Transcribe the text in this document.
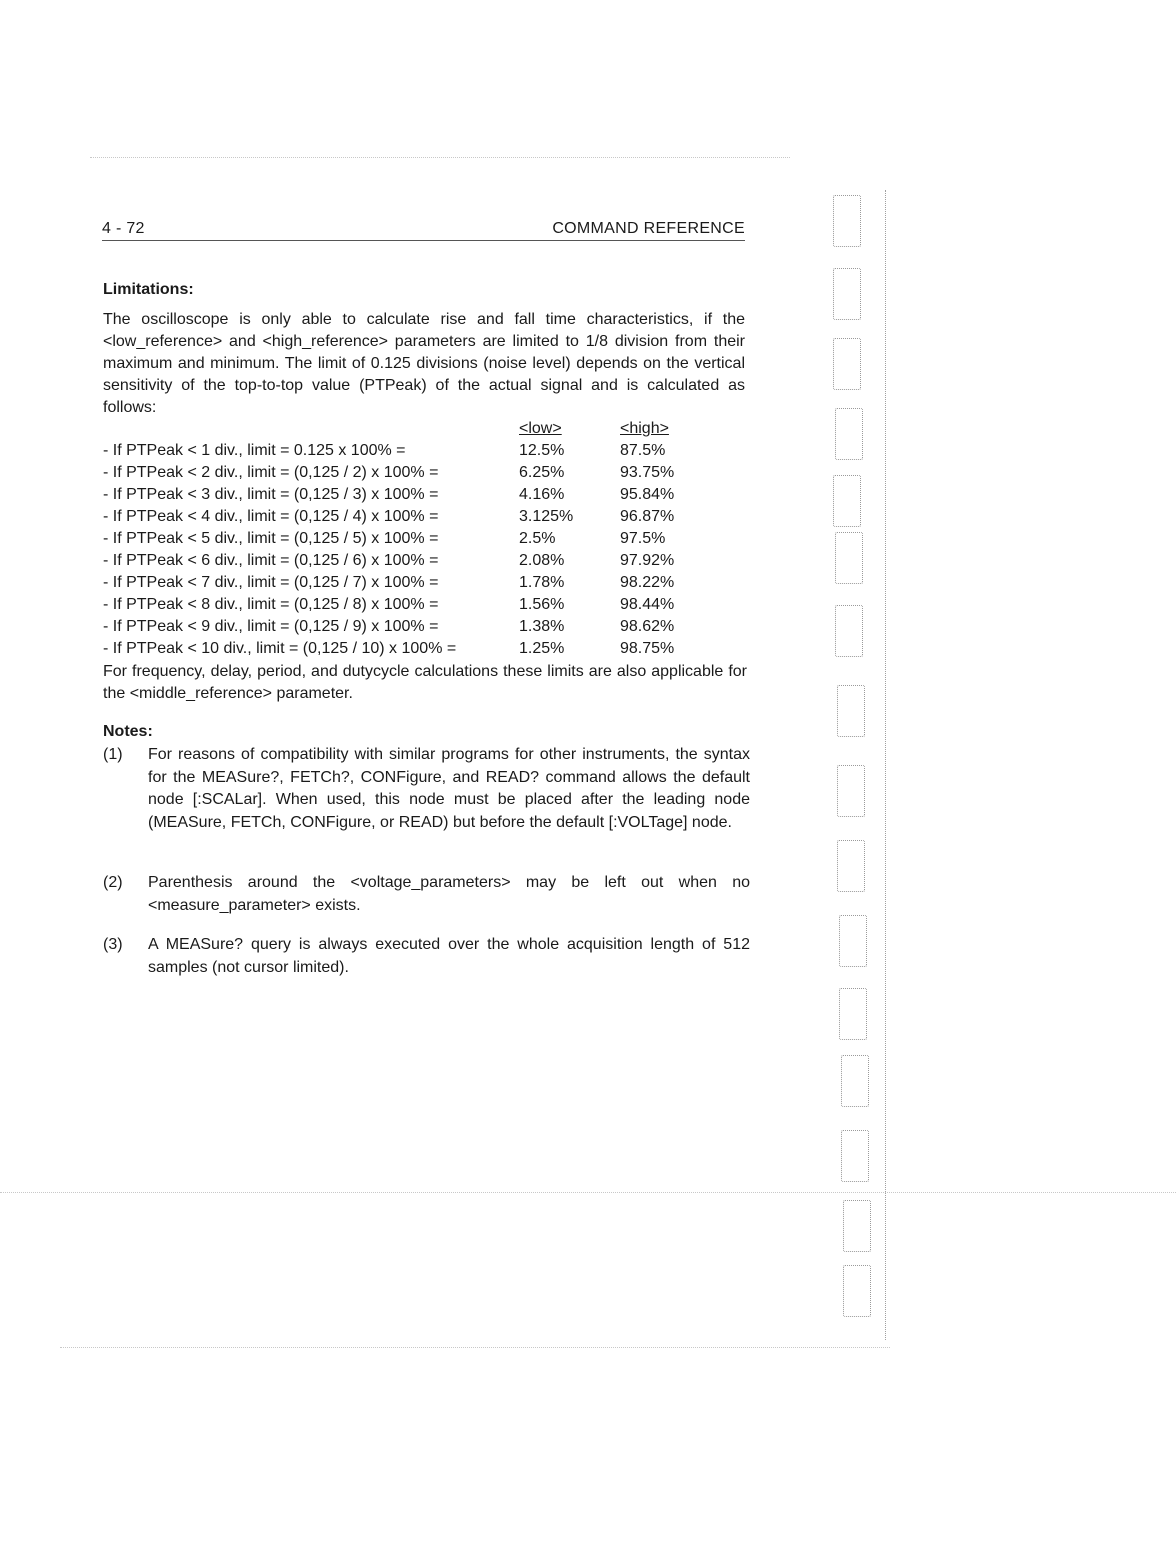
4 - 72	COMMAND REFERENCE
Limitations:
The oscilloscope is only able to calculate rise and fall time characteristics, if the <low_reference> and <high_reference> parameters are limited to 1/8 division from their maximum and minimum. The limit of 0.125 divisions (noise level) depends on the vertical sensitivity of the top-to-top value (PTPeak) of the actual signal and is calculated as follows:
<low>	<high>
- If PTPeak < 1 div., limit = 0.125 x 100% =	12.5%	87.5%
- If PTPeak < 2 div., limit = (0,125 / 2) x 100% =	6.25%	93.75%
- If PTPeak < 3 div., limit = (0,125 / 3) x 100% =	4.16%	95.84%
- If PTPeak < 4 div., limit = (0,125 / 4) x 100% =	3.125%	96.87%
- If PTPeak < 5 div., limit = (0,125 / 5) x 100% =	2.5%	97.5%
- If PTPeak < 6 div., limit = (0,125 / 6) x 100% =	2.08%	97.92%
- If PTPeak < 7 div., limit = (0,125 / 7) x 100% =	1.78%	98.22%
- If PTPeak < 8 div., limit = (0,125 / 8) x 100% =	1.56%	98.44%
- If PTPeak < 9 div., limit = (0,125 / 9) x 100% =	1.38%	98.62%
- If PTPeak < 10 div., limit = (0,125 / 10) x 100% =	1.25%	98.75%
For frequency, delay, period, and dutycycle calculations these limits are also applicable for the <middle_reference> parameter.
Notes:
(1) For reasons of compatibility with similar programs for other instruments, the syntax for the MEASure?, FETCh?, CONFigure, and READ? command allows the default node [:SCALar]. When used, this node must be placed after the leading node (MEASure, FETCh, CONFigure, or READ) but before the default [:VOLTage] node.
(2) Parenthesis around the <voltage_parameters> may be left out when no <measure_parameter> exists.
(3) A MEASure? query is always executed over the whole acquisition length of 512 samples (not cursor limited).
